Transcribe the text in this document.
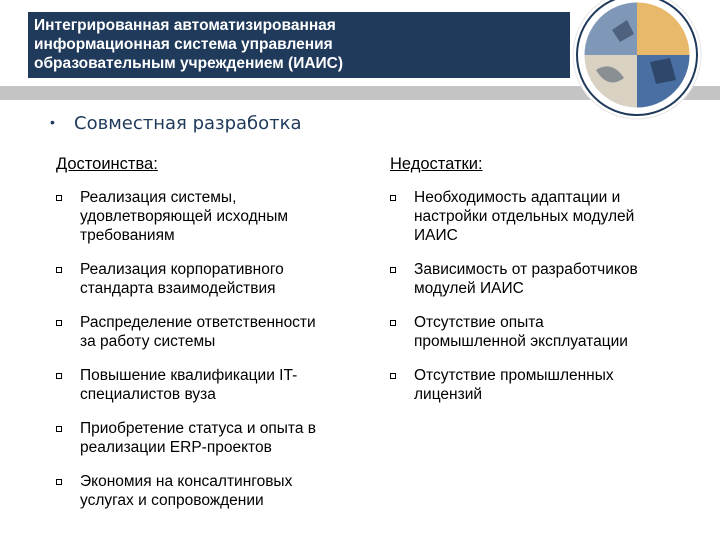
Интегрированная автоматизированная
информационная система управления
образовательным учреждением (ИАИС)
• Совместная разработка
Достоинства:
Реализация системы,
удовлетворяющей исходным
требованиям
Реализация корпоративного
стандарта взаимодействия
Распределение ответственности
за работу системы
Повышение квалификации IT-
специалистов вуза
Приобретение статуса и опыта в
реализации ERP-проектов
Экономия на консалтинговых
услугах и сопровождении
Недостатки:
Необходимость адаптации и
настройки отдельных модулей
ИАИС
Зависимость от разработчиков
модулей ИАИС
Отсутствие опыта
промышленной эксплуатации
Отсутствие промышленных
лицензий
